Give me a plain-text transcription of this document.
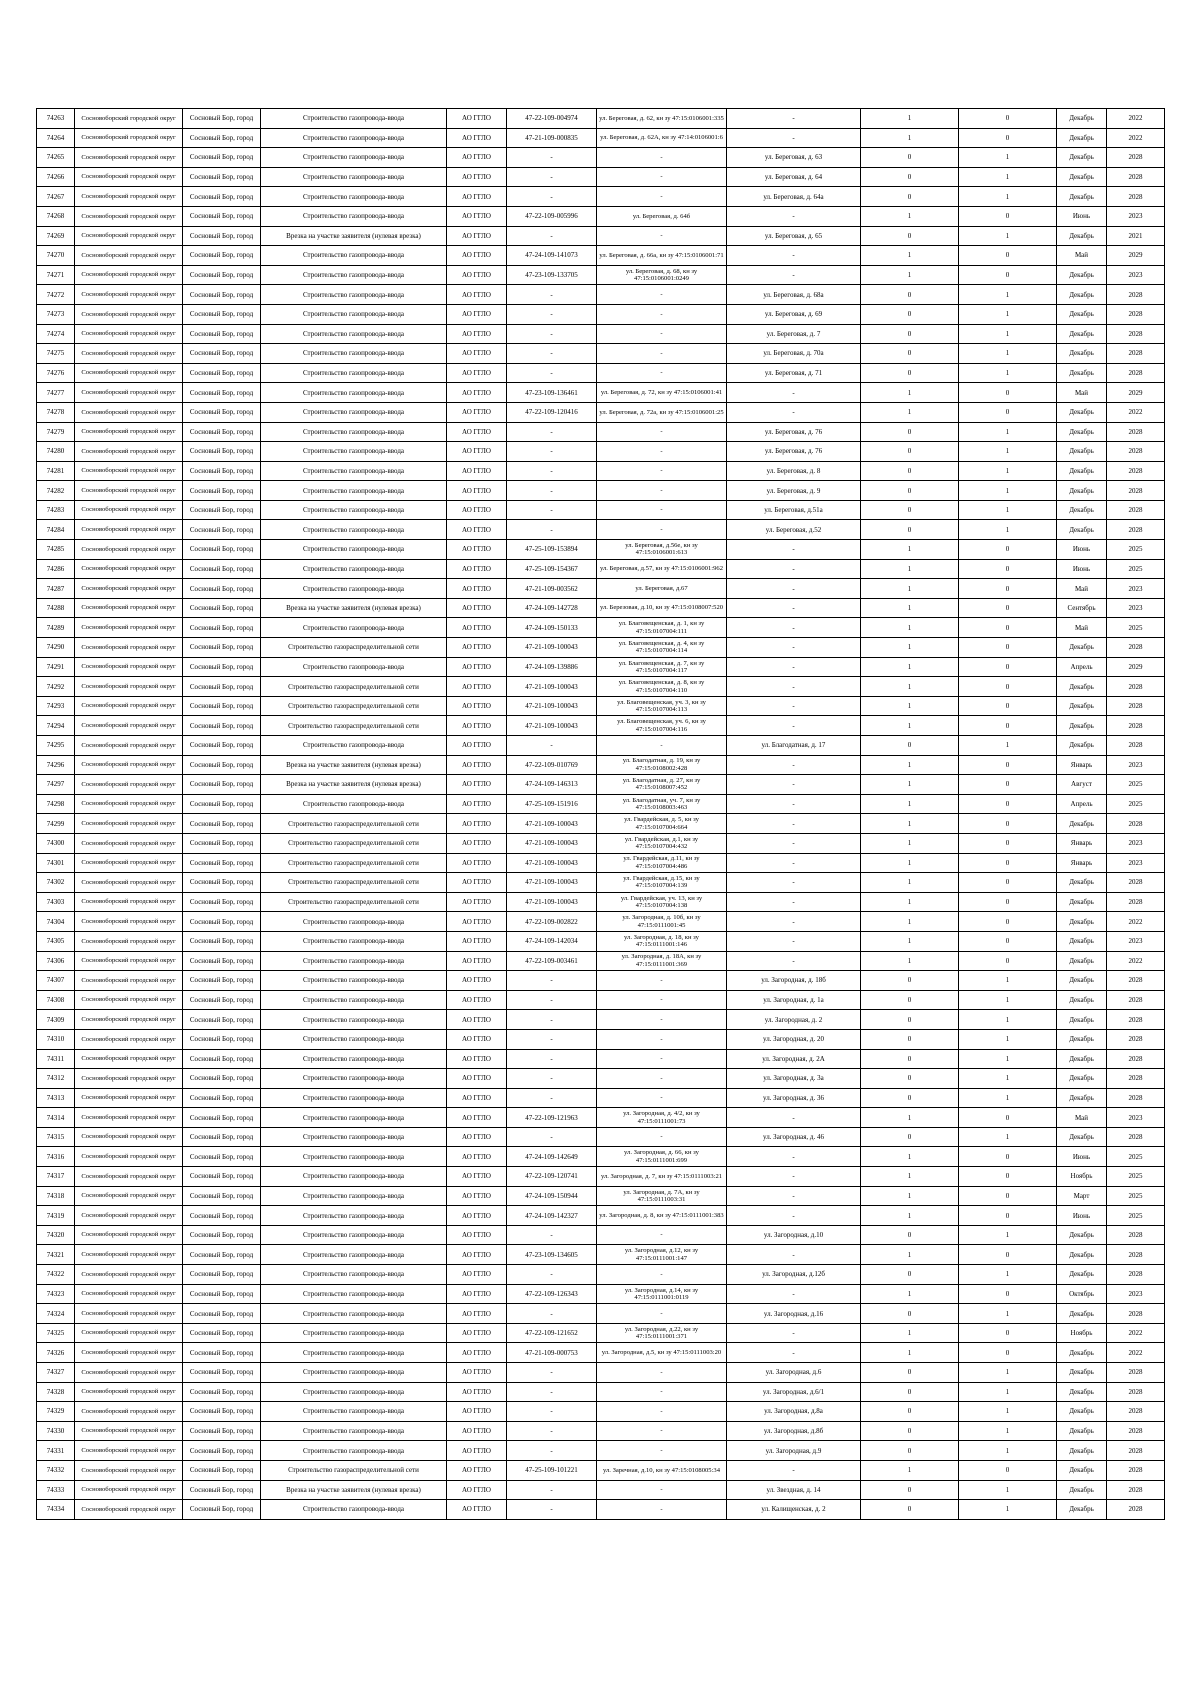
74263	Сосновоборский городской округ	Сосновый Бор, город	Строительство газопровода-ввода	АО ГГЛО	47-22-109-004974	ул. Береговая, д. 62, кн зу 47:15:0106001:335	-	1	0	Декабрь	2022
74264	Сосновоборский городской округ	Сосновый Бор, город	Строительство газопровода-ввода	АО ГГЛО	47-21-109-000835	ул. Береговая, д. 62А, кн зу 47:14:0106001:6	-	1	0	Декабрь	2022
74265	Сосновоборский городской округ	Сосновый Бор, город	Строительство газопровода-ввода	АО ГГЛО	-	-	ул. Береговая, д. 63	0	1	Декабрь	2028
74266	Сосновоборский городской округ	Сосновый Бор, город	Строительство газопровода-ввода	АО ГГЛО	-	-	ул. Береговая, д. 64	0	1	Декабрь	2028
74267	Сосновоборский городской округ	Сосновый Бор, город	Строительство газопровода-ввода	АО ГГЛО	-	-	ул. Береговая, д. 64а	0	1	Декабрь	2028
74268	Сосновоборский городской округ	Сосновый Бор, город	Строительство газопровода-ввода	АО ГГЛО	47-22-109-005996	ул. Береговая, д. 64б	-	1	0	Июнь	2023
74269	Сосновоборский городской округ	Сосновый Бор, город	Врезка на участке заявителя (нулевая врезка)	АО ГГЛО	-	-	ул. Береговая, д. 65	0	1	Декабрь	2021
74270	Сосновоборский городской округ	Сосновый Бор, город	Строительство газопровода-ввода	АО ГГЛО	47-24-109-141073	ул. Береговая, д. 66а, кн зу 47:15:0106001:71	-	1	0	Май	2029
74271	Сосновоборский городской округ	Сосновый Бор, город	Строительство газопровода-ввода	АО ГГЛО	47-23-109-133705	ул. Береговая, д. 68, кн зу 47:15:0106001:0249	-	1	0	Декабрь	2023
74272	Сосновоборский городской округ	Сосновый Бор, город	Строительство газопровода-ввода	АО ГГЛО	-	-	ул. Береговая, д. 68а	0	1	Декабрь	2028
74273	Сосновоборский городской округ	Сосновый Бор, город	Строительство газопровода-ввода	АО ГГЛО	-	-	ул. Береговая, д. 69	0	1	Декабрь	2028
74274	Сосновоборский городской округ	Сосновый Бор, город	Строительство газопровода-ввода	АО ГГЛО	-	-	ул. Береговая, д. 7	0	1	Декабрь	2028
74275	Сосновоборский городской округ	Сосновый Бор, город	Строительство газопровода-ввода	АО ГГЛО	-	-	ул. Береговая, д. 70а	0	1	Декабрь	2028
74276	Сосновоборский городской округ	Сосновый Бор, город	Строительство газопровода-ввода	АО ГГЛО	-	-	ул. Береговая, д. 71	0	1	Декабрь	2028
74277	Сосновоборский городской округ	Сосновый Бор, город	Строительство газопровода-ввода	АО ГГЛО	47-23-109-136461	ул. Береговая, д. 72, кн зу 47:15:0106001:41	-	1	0	Май	2029
74278	Сосновоборский городской округ	Сосновый Бор, город	Строительство газопровода-ввода	АО ГГЛО	47-22-109-120416	ул. Береговая, д. 72а, кн зу 47:15:0106001:25	-	1	0	Декабрь	2022
74279	Сосновоборский городской округ	Сосновый Бор, город	Строительство газопровода-ввода	АО ГГЛО	-	-	ул. Береговая, д. 76	0	1	Декабрь	2028
74280	Сосновоборский городской округ	Сосновый Бор, город	Строительство газопровода-ввода	АО ГГЛО	-	-	ул. Береговая, д. 76	0	1	Декабрь	2028
74281	Сосновоборский городской округ	Сосновый Бор, город	Строительство газопровода-ввода	АО ГГЛО	-	-	ул. Береговая, д. 8	0	1	Декабрь	2028
74282	Сосновоборский городской округ	Сосновый Бор, город	Строительство газопровода-ввода	АО ГГЛО	-	-	ул. Береговая, д. 9	0	1	Декабрь	2028
74283	Сосновоборский городской округ	Сосновый Бор, город	Строительство газопровода-ввода	АО ГГЛО	-	-	ул. Береговая, д.51а	0	1	Декабрь	2028
74284	Сосновоборский городской округ	Сосновый Бор, город	Строительство газопровода-ввода	АО ГГЛО	-	-	ул. Береговая, д.52	0	1	Декабрь	2028
74285	Сосновоборский городской округ	Сосновый Бор, город	Строительство газопровода-ввода	АО ГГЛО	47-25-109-153894	ул. Береговая, д.56е, кн зу 47:15:0106001:613	-	1	0	Июнь	2025
74286	Сосновоборский городской округ	Сосновый Бор, город	Строительство газопровода-ввода	АО ГГЛО	47-25-109-154367	ул. Береговая, д.57, кн зу 47:15:0106001:962	-	1	0	Июнь	2025
74287	Сосновоборский городской округ	Сосновый Бор, город	Строительство газопровода-ввода	АО ГГЛО	47-21-109-003562	ул. Береговая, д.67	-	1	0	Май	2023
74288	Сосновоборский городской округ	Сосновый Бор, город	Врезка на участке заявителя (нулевая врезка)	АО ГГЛО	47-24-109-142728	ул. Березовая, д.10, кн зу 47:15:0108007:520	-	1	0	Сентябрь	2023
74289	Сосновоборский городской округ	Сосновый Бор, город	Строительство газопровода-ввода	АО ГГЛО	47-24-109-150133	ул. Благовещенская, д. 1, кн зу 47:15:0107004:111	-	1	0	Май	2025
74290	Сосновоборский городской округ	Сосновый Бор, город	Строительство газораспределительной сети	АО ГГЛО	47-21-109-100043	ул. Благовещенская, д. 4, кн зу 47:15:0107004:114	-	1	0	Декабрь	2028
74291	Сосновоборский городской округ	Сосновый Бор, город	Строительство газопровода-ввода	АО ГГЛО	47-24-109-139886	ул. Благовещенская, д. 7, кн зу 47:15:0107004:117	-	1	0	Апрель	2029
74292	Сосновоборский городской округ	Сосновый Бор, город	Строительство газораспределительной сети	АО ГГЛО	47-21-109-100043	ул. Благовещенская, д. 8, кн зу 47:15:0107004:110	-	1	0	Декабрь	2028
74293	Сосновоборский городской округ	Сосновый Бор, город	Строительство газораспределительной сети	АО ГГЛО	47-21-109-100043	ул. Благовещенская, уч. 3, кн зу 47:15:0107004:113	-	1	0	Декабрь	2028
74294	Сосновоборский городской округ	Сосновый Бор, город	Строительство газораспределительной сети	АО ГГЛО	47-21-109-100043	ул. Благовещенская, уч. 6, кн зу 47:15:0107004:116	-	1	0	Декабрь	2028
74295	Сосновоборский городской округ	Сосновый Бор, город	Строительство газопровода-ввода	АО ГГЛО	-	-	ул. Благодатная, д. 17	0	1	Декабрь	2028
74296	Сосновоборский городской округ	Сосновый Бор, город	Врезка на участке заявителя (нулевая врезка)	АО ГГЛО	47-22-109-010769	ул. Благодатная, д. 19, кн зу 47:15:0108002:428	-	1	0	Январь	2023
74297	Сосновоборский городской округ	Сосновый Бор, город	Врезка на участке заявителя (нулевая врезка)	АО ГГЛО	47-24-109-146313	ул. Благодатная, д. 27, кн зу 47:15:0108007:452	-	1	0	Август	2025
74298	Сосновоборский городской округ	Сосновый Бор, город	Строительство газопровода-ввода	АО ГГЛО	47-25-109-151916	ул. Благодатная, уч. 7, кн зу 47:15:0108003:463	-	1	0	Апрель	2025
74299	Сосновоборский городской округ	Сосновый Бор, город	Строительство газораспределительной сети	АО ГГЛО	47-21-109-100043	ул. Гвардейская, д. 5, кн зу 47:15:0107004:664	-	1	0	Декабрь	2028
74300	Сосновоборский городской округ	Сосновый Бор, город	Строительство газораспределительной сети	АО ГГЛО	47-21-109-100043	ул. Гвардейская, д.1, кн зу 47:15:0107004:432	-	1	0	Январь	2023
74301	Сосновоборский городской округ	Сосновый Бор, город	Строительство газораспределительной сети	АО ГГЛО	47-21-109-100043	ул. Гвардейская, д.11, кн зу 47:15:0107004:486	-	1	0	Январь	2023
74302	Сосновоборский городской округ	Сосновый Бор, город	Строительство газораспределительной сети	АО ГГЛО	47-21-109-100043	ул. Гвардейская, д.15, кн зу 47:15:0107004:139	-	1	0	Декабрь	2028
74303	Сосновоборский городской округ	Сосновый Бор, город	Строительство газораспределительной сети	АО ГГЛО	47-21-109-100043	ул. Гвардейская, уч. 13, кн зу 47:15:0107004:138	-	1	0	Декабрь	2028
74304	Сосновоборский городской округ	Сосновый Бор, город	Строительство газопровода-ввода	АО ГГЛО	47-22-109-002822	ул. Загородная, д. 10б, кн зу 47:15:0111001:45	-	1	0	Декабрь	2022
74305	Сосновоборский городской округ	Сосновый Бор, город	Строительство газопровода-ввода	АО ГГЛО	47-24-109-142034	ул. Загородная, д. 18, кн зу 47:15:0111001:146	-	1	0	Декабрь	2023
74306	Сосновоборский городской округ	Сосновый Бор, город	Строительство газопровода-ввода	АО ГГЛО	47-22-109-003461	ул. Загородная, д. 18А, кн зу 47:15:0111001:369	-	1	0	Декабрь	2022
74307	Сосновоборский городской округ	Сосновый Бор, город	Строительство газопровода-ввода	АО ГГЛО	-	-	ул. Загородная, д. 18б	0	1	Декабрь	2028
74308	Сосновоборский городской округ	Сосновый Бор, город	Строительство газопровода-ввода	АО ГГЛО	-	-	ул. Загородная, д. 1а	0	1	Декабрь	2028
74309	Сосновоборский городской округ	Сосновый Бор, город	Строительство газопровода-ввода	АО ГГЛО	-	-	ул. Загородная, д. 2	0	1	Декабрь	2028
74310	Сосновоборский городской округ	Сосновый Бор, город	Строительство газопровода-ввода	АО ГГЛО	-	-	ул. Загородная, д. 20	0	1	Декабрь	2028
74311	Сосновоборский городской округ	Сосновый Бор, город	Строительство газопровода-ввода	АО ГГЛО	-	-	ул. Загородная, д. 2А	0	1	Декабрь	2028
74312	Сосновоборский городской округ	Сосновый Бор, город	Строительство газопровода-ввода	АО ГГЛО	-	-	ул. Загородная, д. 3а	0	1	Декабрь	2028
74313	Сосновоборский городской округ	Сосновый Бор, город	Строительство газопровода-ввода	АО ГГЛО	-	-	ул. Загородная, д. 36	0	1	Декабрь	2028
74314	Сосновоборский городской округ	Сосновый Бор, город	Строительство газопровода-ввода	АО ГГЛО	47-22-109-121963	ул. Загородная, д. 4/2, кн зу 47:15:0111001:73	-	1	0	Май	2023
74315	Сосновоборский городской округ	Сосновый Бор, город	Строительство газопровода-ввода	АО ГГЛО	-	-	ул. Загородная, д. 46	0	1	Декабрь	2028
74316	Сосновоборский городской округ	Сосновый Бор, город	Строительство газопровода-ввода	АО ГГЛО	47-24-109-142649	ул. Загородная, д. 66, кн зу 47:15:0111001:699	-	1	0	Июнь	2025
74317	Сосновоборский городской округ	Сосновый Бор, город	Строительство газопровода-ввода	АО ГГЛО	47-22-109-120741	ул. Загородная, д. 7, кн зу 47:15:0111003:21	-	1	0	Ноябрь	2025
74318	Сосновоборский городской округ	Сосновый Бор, город	Строительство газопровода-ввода	АО ГГЛО	47-24-109-150944	ул. Загородная, д. 7А, кн зу 47:15:0111003:31	-	1	0	Март	2025
74319	Сосновоборский городской округ	Сосновый Бор, город	Строительство газопровода-ввода	АО ГГЛО	47-24-109-142327	ул. Загородная, д. 8, кн зу 47:15:0111001:383	-	1	0	Июнь	2025
74320	Сосновоборский городской округ	Сосновый Бор, город	Строительство газопровода-ввода	АО ГГЛО	-	-	ул. Загородная, д.10	0	1	Декабрь	2028
74321	Сосновоборский городской округ	Сосновый Бор, город	Строительство газопровода-ввода	АО ГГЛО	47-23-109-134605	ул. Загородная, д.12, кн зу 47:15:0111001:147	-	1	0	Декабрь	2028
74322	Сосновоборский городской округ	Сосновый Бор, город	Строительство газопровода-ввода	АО ГГЛО	-	-	ул. Загородная, д.12б	0	1	Декабрь	2028
74323	Сосновоборский городской округ	Сосновый Бор, город	Строительство газопровода-ввода	АО ГГЛО	47-22-109-126343	ул. Загородная, д.14, кн зу 47:15:0111001:0119	-	1	0	Октябрь	2023
74324	Сосновоборский городской округ	Сосновый Бор, город	Строительство газопровода-ввода	АО ГГЛО	-	-	ул. Загородная, д.16	0	1	Декабрь	2028
74325	Сосновоборский городской округ	Сосновый Бор, город	Строительство газопровода-ввода	АО ГГЛО	47-22-109-121652	ул. Загородная, д.22, кн зу 47:15:0111001:371	-	1	0	Ноябрь	2022
74326	Сосновоборский городской округ	Сосновый Бор, город	Строительство газопровода-ввода	АО ГГЛО	47-21-109-000753	ул. Загородная, д.5, кн зу 47:15:0111003:20	-	1	0	Декабрь	2022
74327	Сосновоборский городской округ	Сосновый Бор, город	Строительство газопровода-ввода	АО ГГЛО	-	-	ул. Загородная, д.6	0	1	Декабрь	2028
74328	Сосновоборский городской округ	Сосновый Бор, город	Строительство газопровода-ввода	АО ГГЛО	-	-	ул. Загородная, д.6/1	0	1	Декабрь	2028
74329	Сосновоборский городской округ	Сосновый Бор, город	Строительство газопровода-ввода	АО ГГЛО	-	-	ул. Загородная, д.8а	0	1	Декабрь	2028
74330	Сосновоборский городской округ	Сосновый Бор, город	Строительство газопровода-ввода	АО ГГЛО	-	-	ул. Загородная, д.8б	0	1	Декабрь	2028
74331	Сосновоборский городской округ	Сосновый Бор, город	Строительство газопровода-ввода	АО ГГЛО	-	-	ул. Загородная, д.9	0	1	Декабрь	2028
74332	Сосновоборский городской округ	Сосновый Бор, город	Строительство газораспределительной сети	АО ГГЛО	47-25-109-101221	ул. Заречная, д.10, кн зу 47:15:0108005:34	-	1	0	Декабрь	2028
74333	Сосновоборский городской округ	Сосновый Бор, город	Врезка на участке заявителя (нулевая врезка)	АО ГГЛО	-	-	ул. Звездная, д. 14	0	1	Декабрь	2028
74334	Сосновоборский городской округ	Сосновый Бор, город	Строительство газопровода-ввода	АО ГГЛО	-	-	ул. Калищенская, д. 2	0	1	Декабрь	2028
